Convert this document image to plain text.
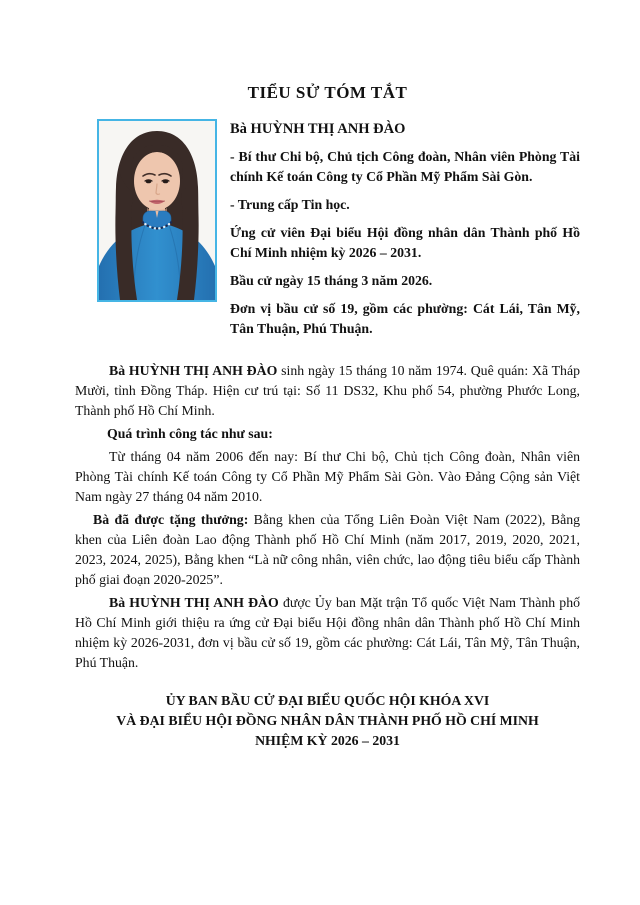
TIỂU SỬ TÓM TẮT

Bà HUỲNH THỊ ANH ĐÀO

- Bí thư Chi bộ, Chủ tịch Công đoàn, Nhân viên Phòng Tài chính Kế toán Công ty Cổ Phần Mỹ Phẩm Sài Gòn.

- Trung cấp Tin học.

Ứng cử viên Đại biểu Hội đồng nhân dân Thành phố Hồ Chí Minh nhiệm kỳ 2026 – 2031.

Bầu cử ngày 15 tháng 3 năm 2026.

Đơn vị bầu cử số 19, gồm các phường: Cát Lái, Tân Mỹ, Tân Thuận, Phú Thuận.

Bà HUỲNH THỊ ANH ĐÀO sinh ngày 15 tháng 10 năm 1974. Quê quán: Xã Tháp Mười, tỉnh Đồng Tháp. Hiện cư trú tại: Số 11 DS32, Khu phố 54, phường Phước Long, Thành phố Hồ Chí Minh.

Quá trình công tác như sau:

Từ tháng 04 năm 2006 đến nay: Bí thư Chi bộ, Chủ tịch Công đoàn, Nhân viên Phòng Tài chính Kế toán Công ty Cổ Phần Mỹ Phẩm Sài Gòn. Vào Đảng Cộng sản Việt Nam ngày 27 tháng 04 năm 2010.

Bà đã được tặng thưởng: Bằng khen của Tổng Liên Đoàn Việt Nam (2022), Bằng khen của Liên đoàn Lao động Thành phố Hồ Chí Minh (năm 2017, 2019, 2020, 2021, 2023, 2024, 2025), Bằng khen “Là nữ công nhân, viên chức, lao động tiêu biểu cấp Thành phố giai đoạn 2020-2025”.

Bà HUỲNH THỊ ANH ĐÀO được Ủy ban Mặt trận Tổ quốc Việt Nam Thành phố Hồ Chí Minh giới thiệu ra ứng cử Đại biểu Hội đồng nhân dân Thành phố Hồ Chí Minh nhiệm kỳ 2026-2031, đơn vị bầu cử số 19, gồm các phường: Cát Lái, Tân Mỹ, Tân Thuận, Phú Thuận.

ỦY BAN BẦU CỬ ĐẠI BIỂU QUỐC HỘI KHÓA XVI

VÀ ĐẠI BIỂU HỘI ĐỒNG NHÂN DÂN THÀNH PHỐ HỒ CHÍ MINH

NHIỆM KỲ 2026 – 2031
